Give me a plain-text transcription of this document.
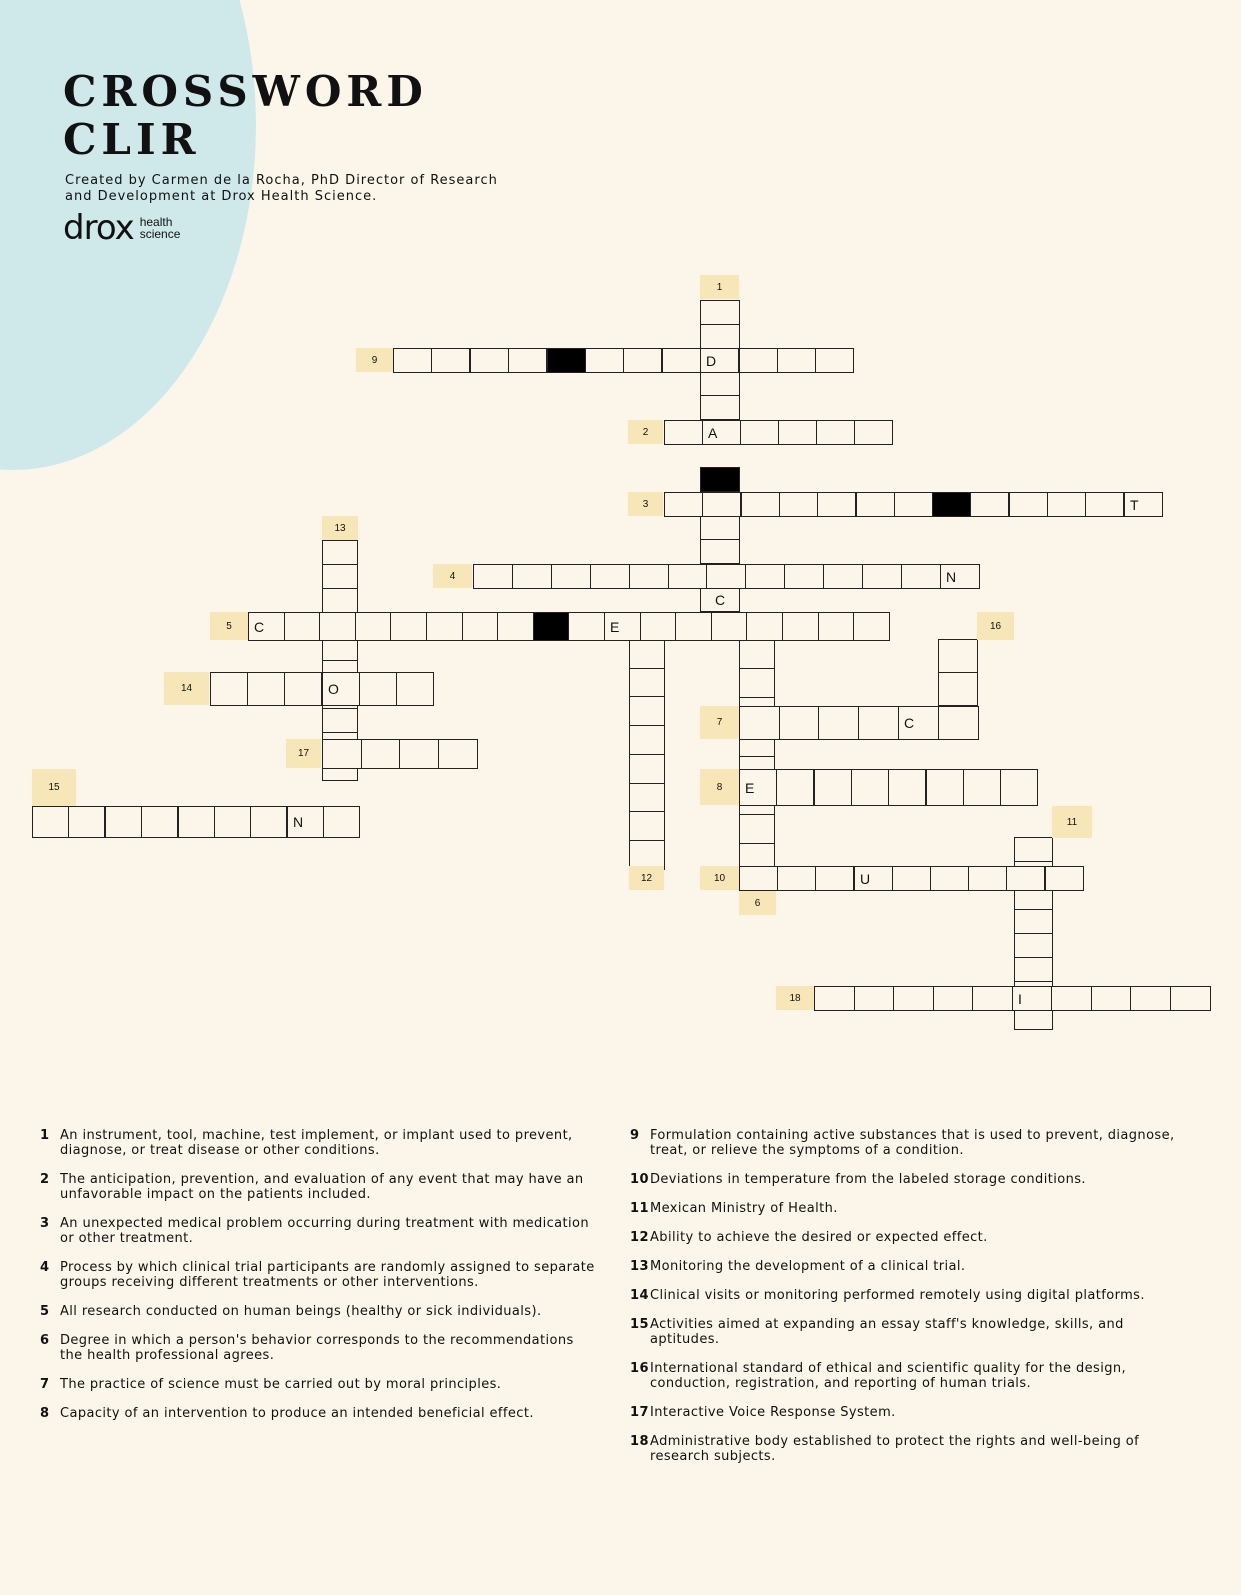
CROSSWORD
CLIR
Created by Carmen de la Rocha, PhD Director of Research and Development at Drox Health Science.
drox health
science
C
D
A
T
N
C	E
O
C
E
N
U
I
1
9
2
3
13
4
5	16
14
7
17
8
15
11
12	10
6
18
1 An instrument, tool, machine, test implement, or implant used to prevent, diagnose, or treat disease or other conditions.
2 The anticipation, prevention, and evaluation of any event that may have an unfavorable impact on the patients included.
3 An unexpected medical problem occurring during treatment with medication or other treatment.
4 Process by which clinical trial participants are randomly assigned to separate groups receiving different treatments or other interventions.
5 All research conducted on human beings (healthy or sick individuals).
6 Degree in which a person's behavior corresponds to the recommendations the health professional agrees.
7 The practice of science must be carried out by moral principles.
8 Capacity of an intervention to produce an intended beneficial effect.
9 Formulation containing active substances that is used to prevent, diagnose, treat, or relieve the symptoms of a condition.
10 Deviations in temperature from the labeled storage conditions.
11 Mexican Ministry of Health.
12 Ability to achieve the desired or expected effect.
13 Monitoring the development of a clinical trial.
14 Clinical visits or monitoring performed remotely using digital platforms.
15 Activities aimed at expanding an essay staff's knowledge, skills, and aptitudes.
16 International standard of ethical and scientific quality for the design, conduction, registration, and reporting of human trials.
17 Interactive Voice Response System.
18 Administrative body established to protect the rights and well-being of research subjects.
